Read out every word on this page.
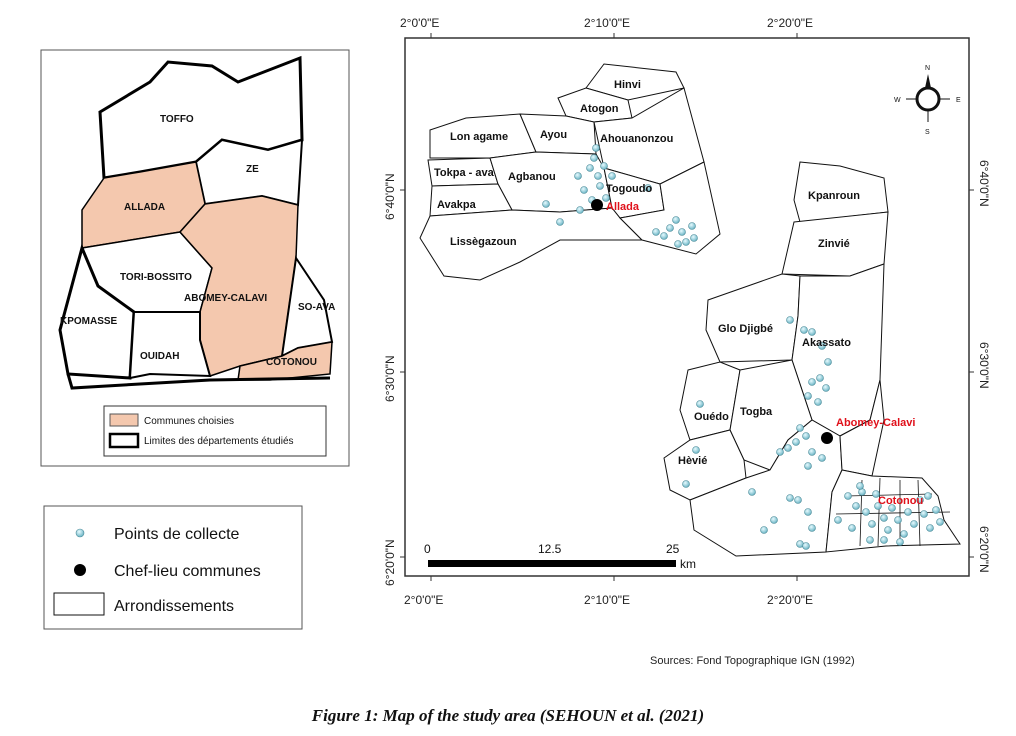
TOFFO
ZE
ALLADA
TORI-BOSSITO
ABOMEY-CALAVI
SO-AVA
KPOMASSE
OUIDAH
COTONOU
Communes choisies
Limites des départements étudiés
2°0'0"E	2°10'0"E	2°20'0"E
2°0'0"E	2°10'0"E	2°20'0"E
6°40'0"N
6°30'0"N
6°20'0"N
6°40'0"N
6°30'0"N
6°20'0"N
Hinvi
Atogon
Lon agame	Ayou	Ahouanonzou
Tokpa - ava Agbanou
Togoudo
Avakpa
Lissègazoun
Kpanroun
Zinvié
Glo Djigbé
Akassato
Ouédo Togba
Hèvié
Allada
Abomey-Calavi
Cotonou
N
S
E
W
0	12.5	25
km
Points de collecte
Chef-lieu communes
Arrondissements
Sources: Fond Topographique IGN (1992)
Figure 1: Map of the study area (SEHOUN et al. (2021)
